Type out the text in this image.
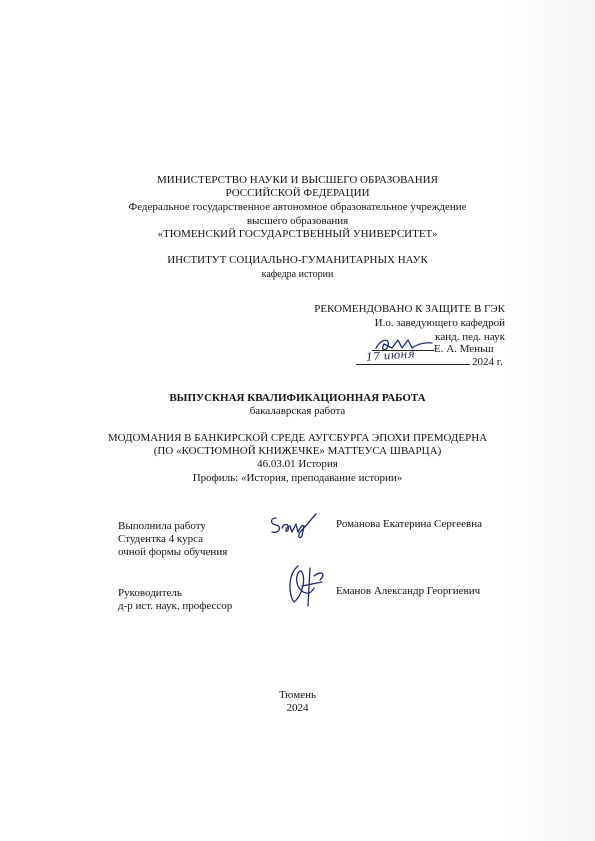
МИНИСТЕРСТВО НАУКИ И ВЫСШЕГО ОБРАЗОВАНИЯ
РОССИЙСКОЙ ФЕДЕРАЦИИ
Федеральное государственное автономное образовательное учреждение
высшего образования
«ТЮМЕНСКИЙ ГОСУДАРСТВЕННЫЙ УНИВЕРСИТЕТ»
ИНСТИТУТ СОЦИАЛЬНО-ГУМАНИТАРНЫХ НАУК
кафедра истории
РЕКОМЕНДОВАНО К ЗАЩИТЕ В ГЭК
И.о. заведующего кафедрой
канд. пед. наук
Е. А. Меньш
17 июня	2024 г.
ВЫПУСКНАЯ КВАЛИФИКАЦИОННАЯ РАБОТА
бакалаврская работа
МОДОМАНИЯ В БАНКИРСКОЙ СРЕДЕ АУГСБУРГА ЭПОХИ ПРЕМОДЕРНА
(ПО «КОСТЮМНОЙ КНИЖЕЧКЕ» МАТТЕУСА ШВАРЦА)
46.03.01 История
Профиль: «История, преподавание истории»
Выполнила работу
Студентка 4 курса
очной формы обучения
Романова Екатерина Сергеевна
Руководитель
д-р ист. наук, профессор
Еманов Александр Георгиевич
Тюмень
2024
